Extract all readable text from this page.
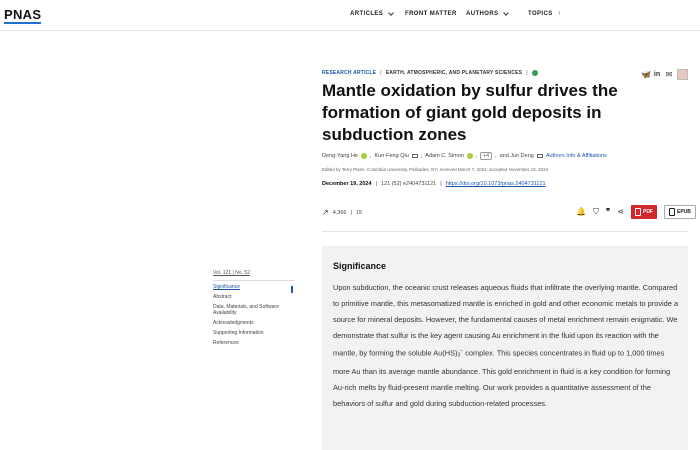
PNAS	ARTICLES	FRONT MATTER AUTHORS	TOPICS ↑
RESEARCH ARTICLE | EARTH, ATMOSPHERIC, AND PLANETARY SCIENCES |	🦋 in ✉
Mantle oxidation by sulfur drives the formation of giant gold deposits in subduction zones
Deng-Yang He , Kun-Feng Qiu , Adam C. Simon ,	+4	, and Jun Deng Authors Info & Affiliations
Edited by Terry Plank, Columbia University, Palisades, NY; received March 7, 2024; accepted November 18, 2024
December 19, 2024 | 121 (52) e2404731121 | https://doi.org/10.1073/pnas.2404731121
↗ 4,366 | 15	🔔 ⛉ ❞ ⋖	PDF	EPUB
Vol. 121 | No. 52
Significance
Abstract
Data, Materials, and Software Availability
Acknowledgments
Supporting Information
References
Significance

Upon subduction, the oceanic crust releases aqueous fluids that infiltrate the overlying mantle. Compared to primitive mantle, this metasomatized mantle is enriched in gold and other economic metals to provide a source for mineral deposits. However, the fundamental causes of metal enrichment remain enigmatic. We demonstrate that sulfur is the key agent causing Au enrichment in the fluid upon its reaction with the mantle, by forming the soluble Au(HS)3− complex. This species concentrates in fluid up to 1,000 times more Au than its average mantle abundance. This gold enrichment in fluid is a key condition for forming Au-rich melts by fluid-present mantle melting. Our work provides a quantitative assessment of the behaviors of sulfur and gold during subduction-related processes.
